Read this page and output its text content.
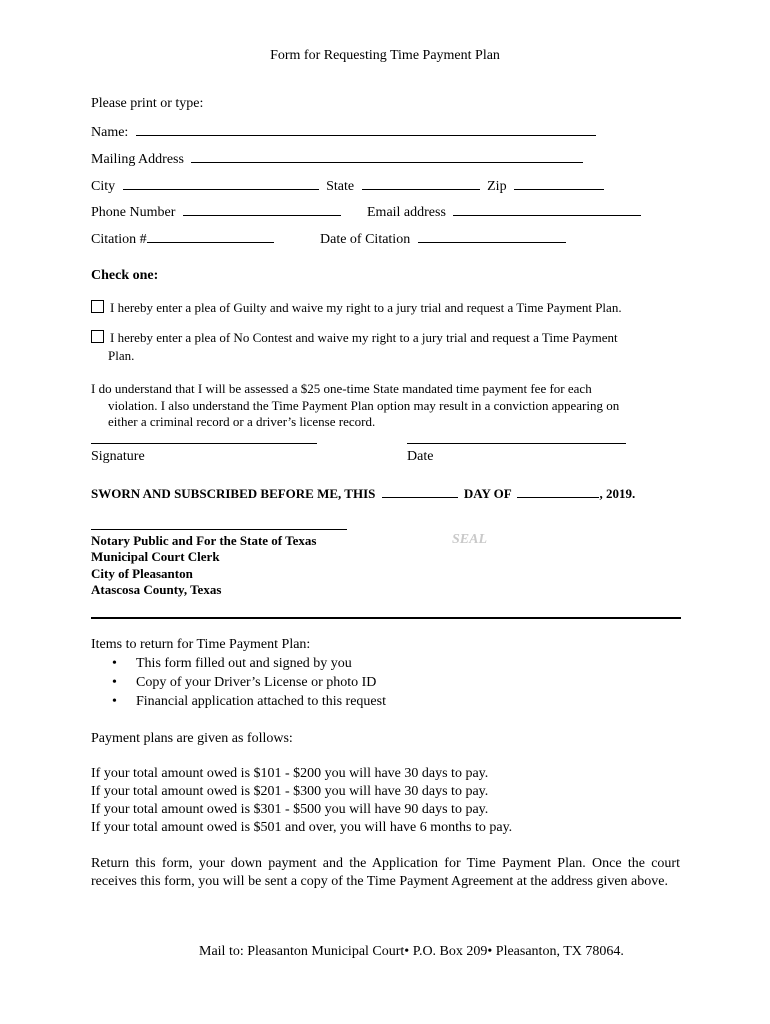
Form for Requesting Time Payment Plan
Please print or type:
Name:
Mailing Address
City	State	Zip
Phone Number	Email address
Citation #	Date of Citation
Check one:
I hereby enter a plea of Guilty and waive my right to a jury trial and request a Time Payment Plan.
I hereby enter a plea of No Contest and waive my right to a jury trial and request a Time Payment
Plan.
I do understand that I will be assessed a $25 one-time State mandated time payment fee for each
violation. I also understand the Time Payment Plan option may result in a conviction appearing on
either a criminal record or a driver’s license record.
Signature	Date
SWORN AND SUBSCRIBED BEFORE ME, THIS	DAY OF	, 2019.
Notary Public and For the State of Texas
Municipal Court Clerk
City of Pleasanton
Atascosa County, Texas
SEAL
Items to return for Time Payment Plan:
• This form filled out and signed by you
• Copy of your Driver’s License or photo ID
• Financial application attached to this request
Payment plans are given as follows:
If your total amount owed is $101 - $200 you will have 30 days to pay.
If your total amount owed is $201 - $300 you will have 30 days to pay.
If your total amount owed is $301 - $500 you will have 90 days to pay.
If your total amount owed is $501 and over, you will have 6 months to pay.
Return this form, your down payment and the Application for Time Payment Plan. Once the court receives this form, you will be sent a copy of the Time Payment Agreement at the address given above.
Mail to: Pleasanton Municipal Court• P.O. Box 209• Pleasanton, TX 78064.
